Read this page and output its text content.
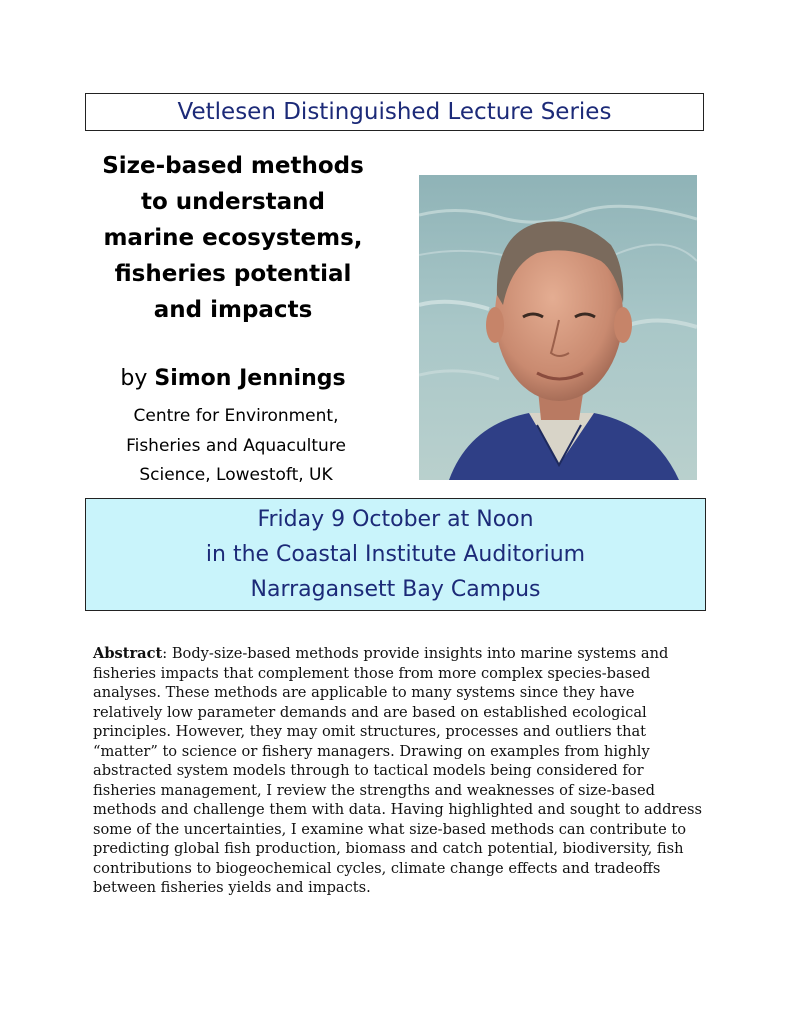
Vetlesen Distinguished Lecture Series
Size-based methods
to understand
marine ecosystems,
fisheries potential
and impacts
by Simon Jennings
Centre for Environment,
Fisheries and Aquaculture
Science, Lowestoft, UK
Friday 9 October at Noon
in the Coastal Institute Auditorium
Narragansett Bay Campus
Abstract: Body-size-based methods provide insights into marine systems and fisheries impacts that complement those from more complex species-based analyses. These methods are applicable to many systems since they have relatively low parameter demands and are based on established ecological principles. However, they may omit structures, processes and outliers that “matter” to science or fishery managers. Drawing on examples from highly abstracted system models through to tactical models being considered for fisheries management, I review the strengths and weaknesses of size-based methods and challenge them with data. Having highlighted and sought to address some of the uncertainties, I examine what size-based methods can contribute to predicting global fish production, biomass and catch potential, biodiversity, fish contributions to biogeochemical cycles, climate change effects and tradeoffs between fisheries yields and impacts.
